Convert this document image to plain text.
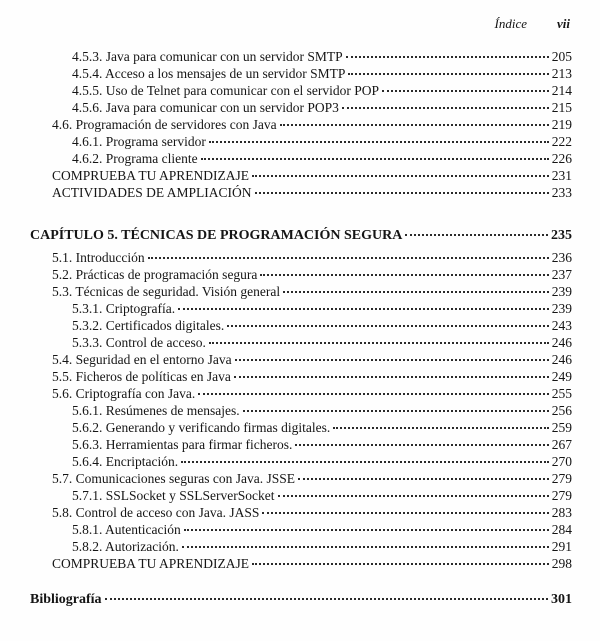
Índice vii
4.5.3. Java para comunicar con un servidor SMTP	205
4.5.4. Acceso a los mensajes de un servidor SMTP	213
4.5.5. Uso de Telnet para comunicar con el servidor POP	214
4.5.6. Java para comunicar con un servidor POP3	215
4.6. Programación de servidores con Java	219
4.6.1. Programa servidor	222
4.6.2. Programa cliente	226
COMPRUEBA TU APRENDIZAJE	231
ACTIVIDADES DE AMPLIACIÓN	233
CAPÍTULO 5. TÉCNICAS DE PROGRAMACIÓN SEGURA	235
5.1. Introducción	236
5.2. Prácticas de programación segura	237
5.3. Técnicas de seguridad. Visión general	239
5.3.1. Criptografía.	239
5.3.2. Certificados digitales.	243
5.3.3. Control de acceso.	246
5.4. Seguridad en el entorno Java	246
5.5. Ficheros de políticas en Java	249
5.6. Criptografía con Java.	255
5.6.1. Resúmenes de mensajes.	256
5.6.2. Generando y verificando firmas digitales.	259
5.6.3. Herramientas para firmar ficheros.	267
5.6.4. Encriptación.	270
5.7. Comunicaciones seguras con Java. JSSE	279
5.7.1. SSLSocket y SSLServerSocket	279
5.8. Control de acceso con Java. JASS	283
5.8.1. Autenticación	284
5.8.2. Autorización.	291
COMPRUEBA TU APRENDIZAJE	298
Bibliografía	301
